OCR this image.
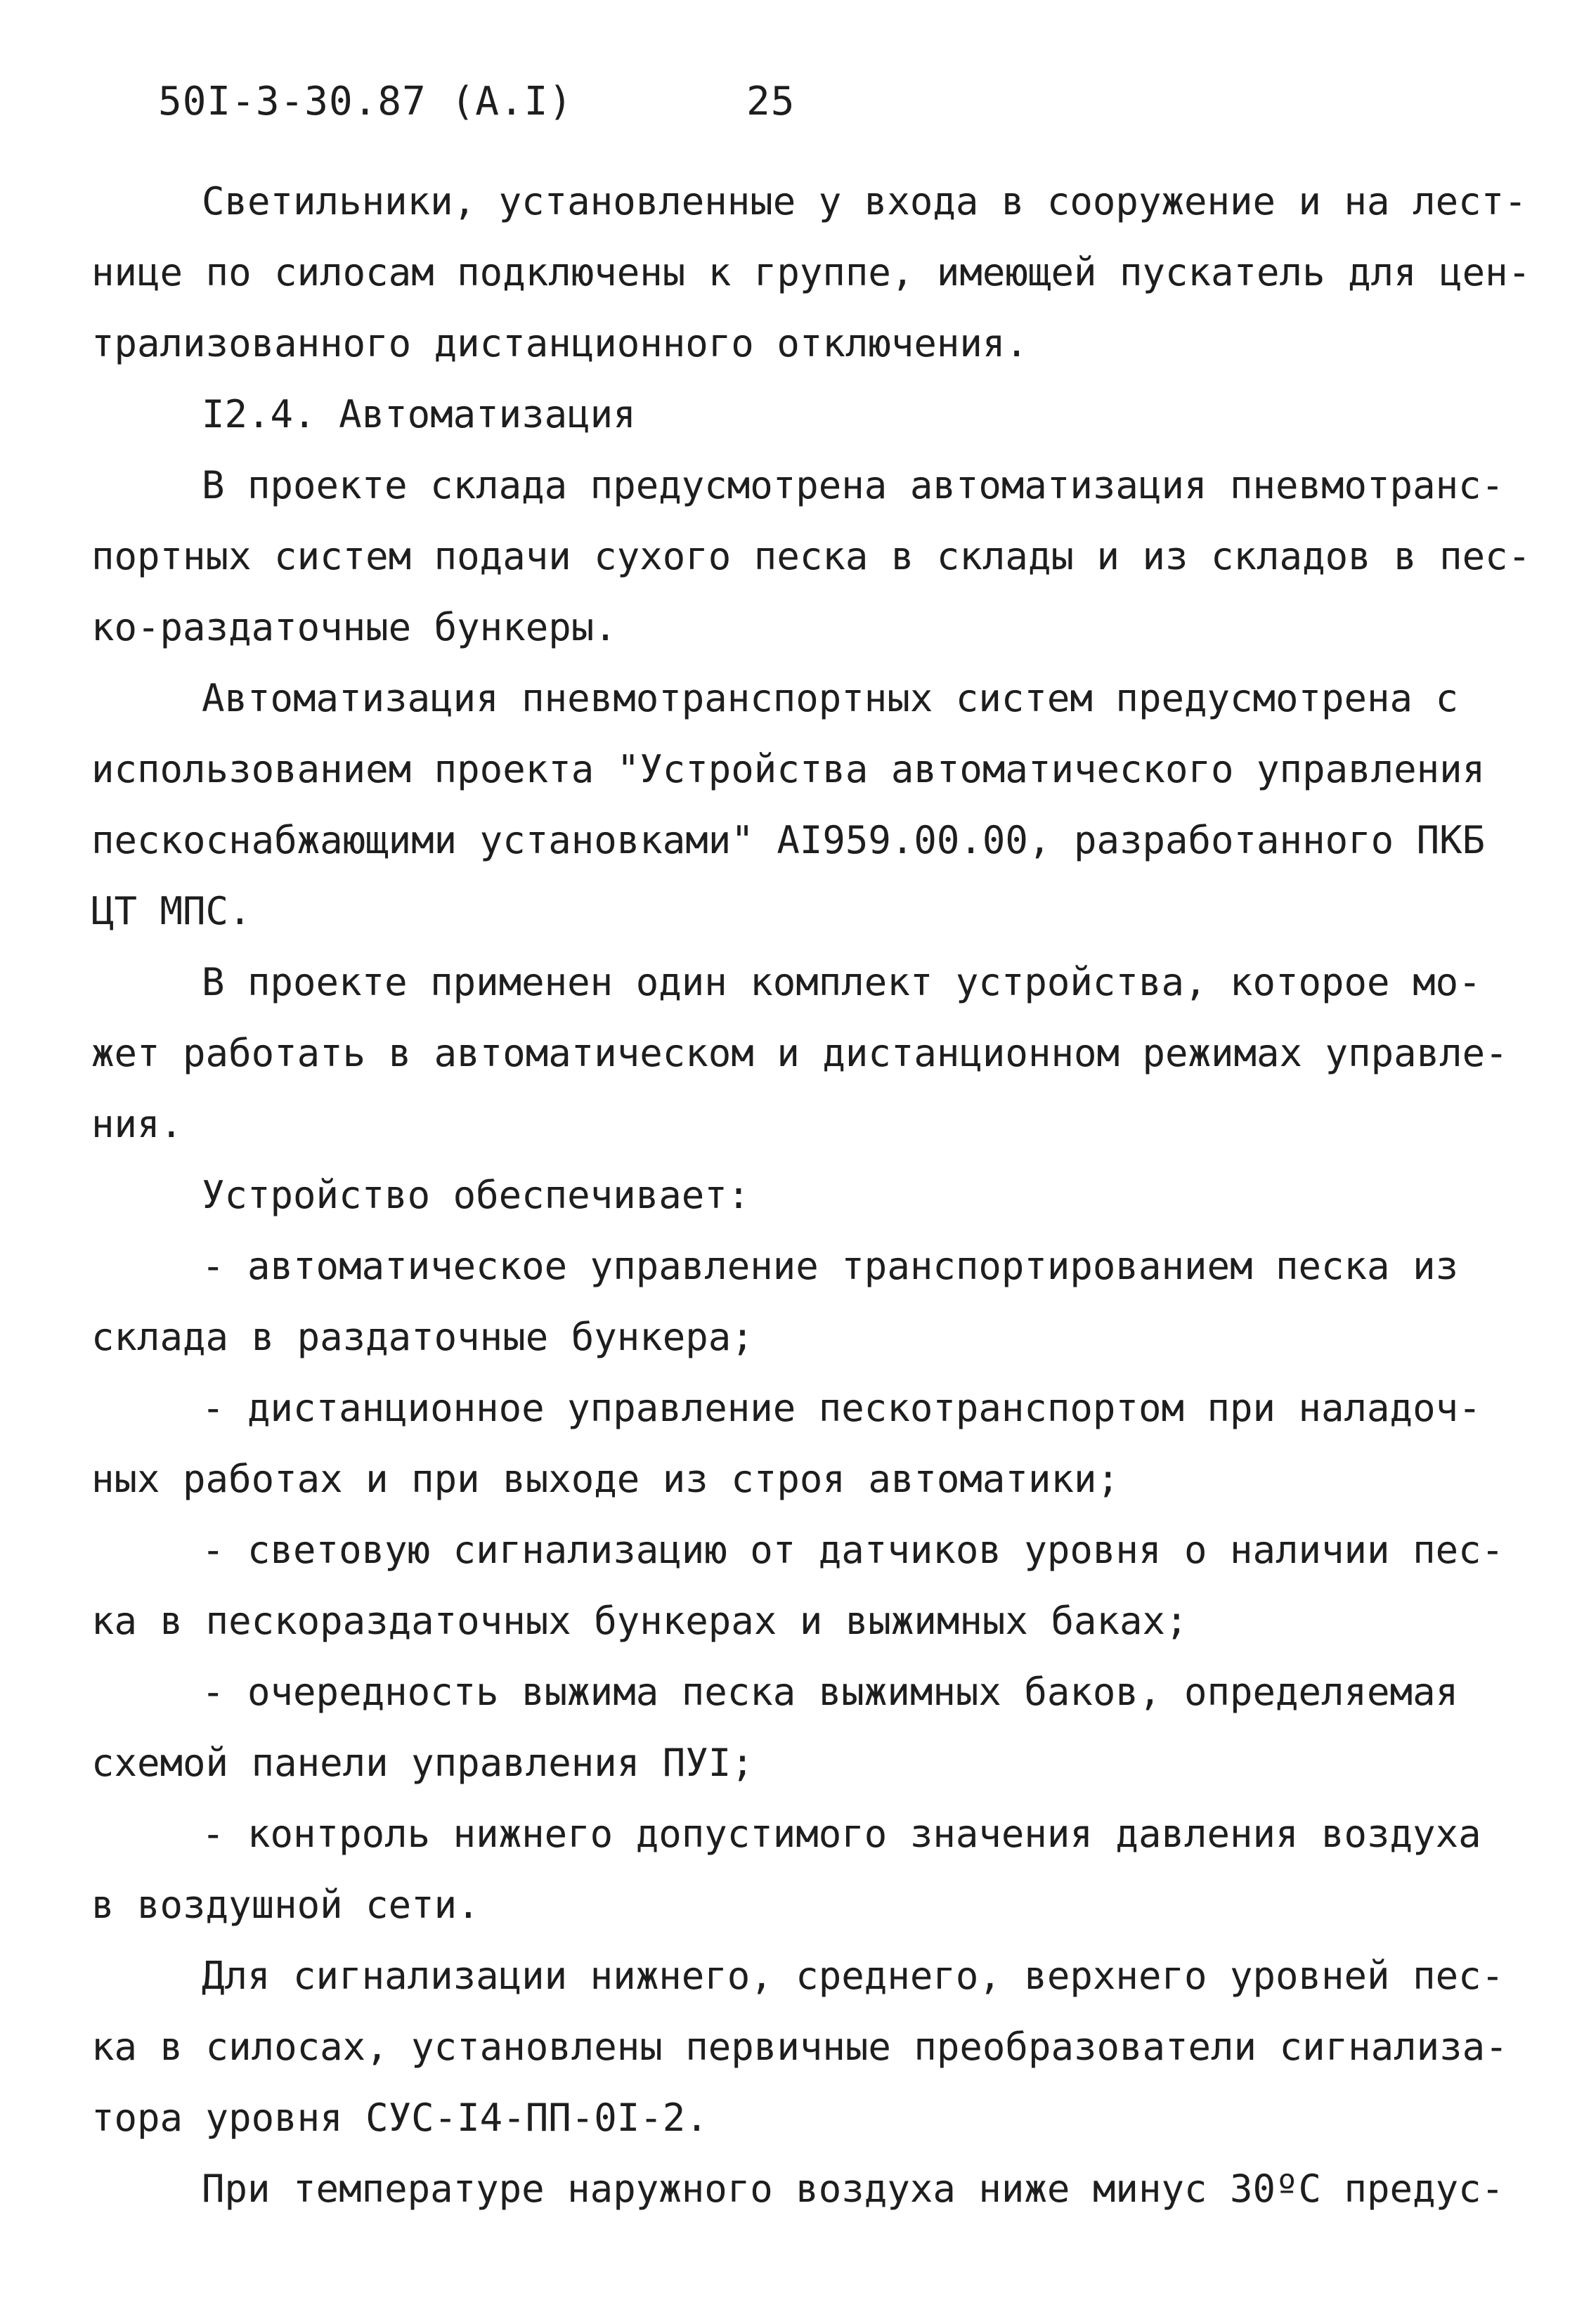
50I-3-30.87 (А.I)	25
Светильники, установленные у входа в сооружение и на лест-
нице по силосам подключены к группе, имеющей пускатель для цен-
трализованного дистанционного отключения.
I2.4. Автоматизация
В проекте склада предусмотрена автоматизация пневмотранс-
портных систем подачи сухого песка в склады и из складов в пес-
ко-раздаточные бункеры.
Автоматизация пневмотранспортных систем предусмотрена с
использованием проекта "Устройства автоматического управления
пескоснабжающими установками" АI959.00.00, разработанного ПКБ
ЦТ МПС.
В проекте применен один комплект устройства, которое мо-
жет работать в автоматическом и дистанционном режимах управле-
ния.
Устройство обеспечивает:
- автоматическое управление транспортированием песка из
склада в раздаточные бункера;
- дистанционное управление пескотранспортом при наладоч-
ных работах и при выходе из строя автоматики;
- световую сигнализацию от датчиков уровня о наличии пес-
ка в пескораздаточных бункерах и выжимных баках;
- очередность выжима песка выжимных баков, определяемая
схемой панели управления ПУI;
- контроль нижнего допустимого значения давления воздуха
в воздушной сети.
Для сигнализации нижнего, среднего, верхнего уровней пес-
ка в силосах, установлены первичные преобразователи сигнализа-
тора уровня СУС-I4-ПП-0I-2.
При температуре наружного воздуха ниже минус 30ºС предус-
